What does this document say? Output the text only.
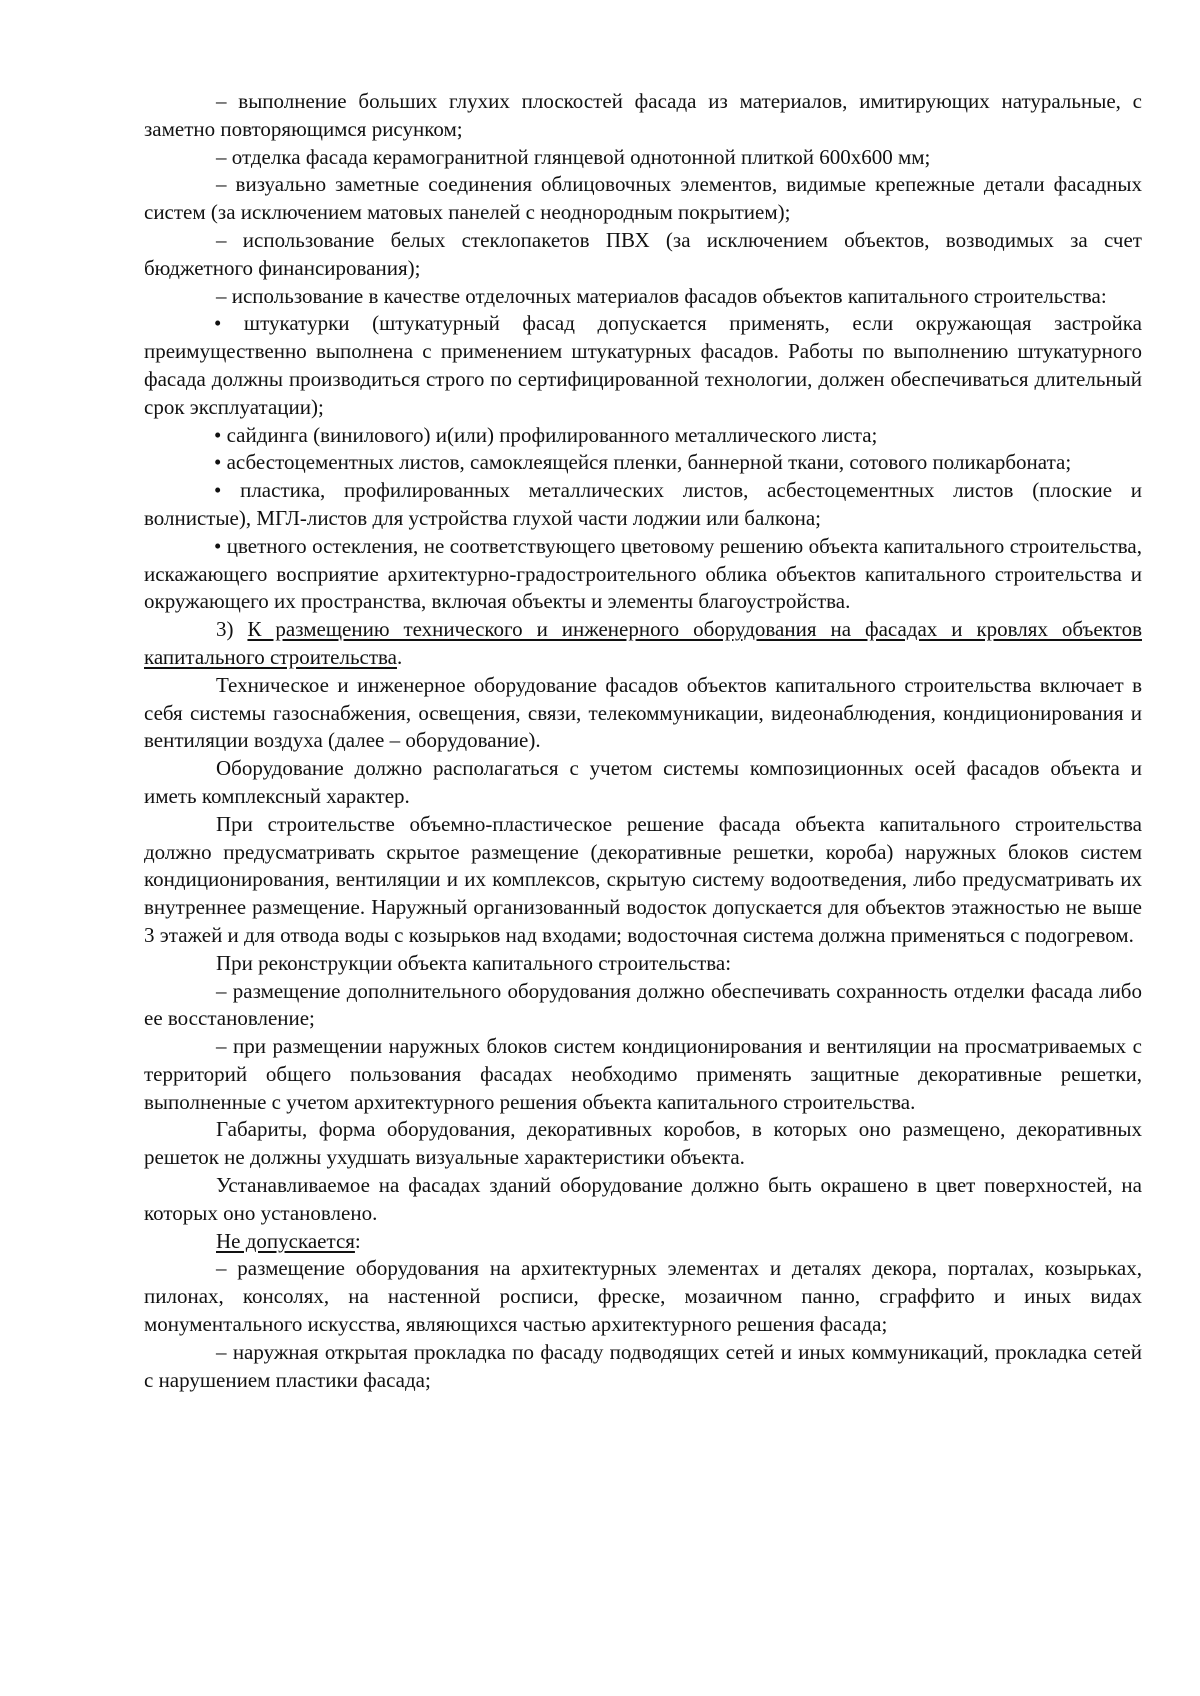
– выполнение больших глухих плоскостей фасада из материалов, имитирующих натуральные, с заметно повторяющимся рисунком;

– отделка фасада керамогранитной глянцевой однотонной плиткой 600х600 мм;

– визуально заметные соединения облицовочных элементов, видимые крепежные детали фасадных систем (за исключением матовых панелей с неоднородным покрытием);

– использование белых стеклопакетов ПВХ (за исключением объектов, возводимых за счет бюджетного финансирования);

– использование в качестве отделочных материалов фасадов объектов капитального строительства:

• штукатурки (штукатурный фасад допускается применять, если окружающая застройка преимущественно выполнена с применением штукатурных фасадов. Работы по выполнению штукатурного фасада должны производиться строго по сертифицированной технологии, должен обеспечиваться длительный срок эксплуатации);

• сайдинга (винилового) и(или) профилированного металлического листа;

• асбестоцементных листов, самоклеящейся пленки, баннерной ткани, сотового поликарбоната;

• пластика, профилированных металлических листов, асбестоцементных листов (плоские и волнистые), МГЛ-листов для устройства глухой части лоджии или балкона;

• цветного остекления, не соответствующего цветовому решению объекта капитального строительства, искажающего восприятие архитектурно-градостроительного облика объектов капитального строительства и окружающего их пространства, включая объекты и элементы благоустройства.

3) К размещению технического и инженерного оборудования на фасадах и кровлях объектов капитального строительства.

Техническое и инженерное оборудование фасадов объектов капитального строительства включает в себя системы газоснабжения, освещения, связи, телекоммуникации, видеонаблюдения, кондиционирования и вентиляции воздуха (далее – оборудование).

Оборудование должно располагаться с учетом системы композиционных осей фасадов объекта и иметь комплексный характер.

При строительстве объемно-пластическое решение фасада объекта капитального строительства должно предусматривать скрытое размещение (декоративные решетки, короба) наружных блоков систем кондиционирования, вентиляции и их комплексов, скрытую систему водоотведения, либо предусматривать их внутреннее размещение. Наружный организованный водосток допускается для объектов этажностью не выше 3 этажей и для отвода воды с козырьков над входами; водосточная система должна применяться с подогревом.

При реконструкции объекта капитального строительства:

– размещение дополнительного оборудования должно обеспечивать сохранность отделки фасада либо ее восстановление;

– при размещении наружных блоков систем кондиционирования и вентиляции на просматриваемых с территорий общего пользования фасадах необходимо применять защитные декоративные решетки, выполненные с учетом архитектурного решения объекта капитального строительства.

Габариты, форма оборудования, декоративных коробов, в которых оно размещено, декоративных решеток не должны ухудшать визуальные характеристики объекта.

Устанавливаемое на фасадах зданий оборудование должно быть окрашено в цвет поверхностей, на которых оно установлено.

Не допускается:

– размещение оборудования на архитектурных элементах и деталях декора, порталах, козырьках, пилонах, консолях, на настенной росписи, фреске, мозаичном панно, сграффито и иных видах монументального искусства, являющихся частью архитектурного решения фасада;

– наружная открытая прокладка по фасаду подводящих сетей и иных коммуникаций, прокладка сетей с нарушением пластики фасада;
